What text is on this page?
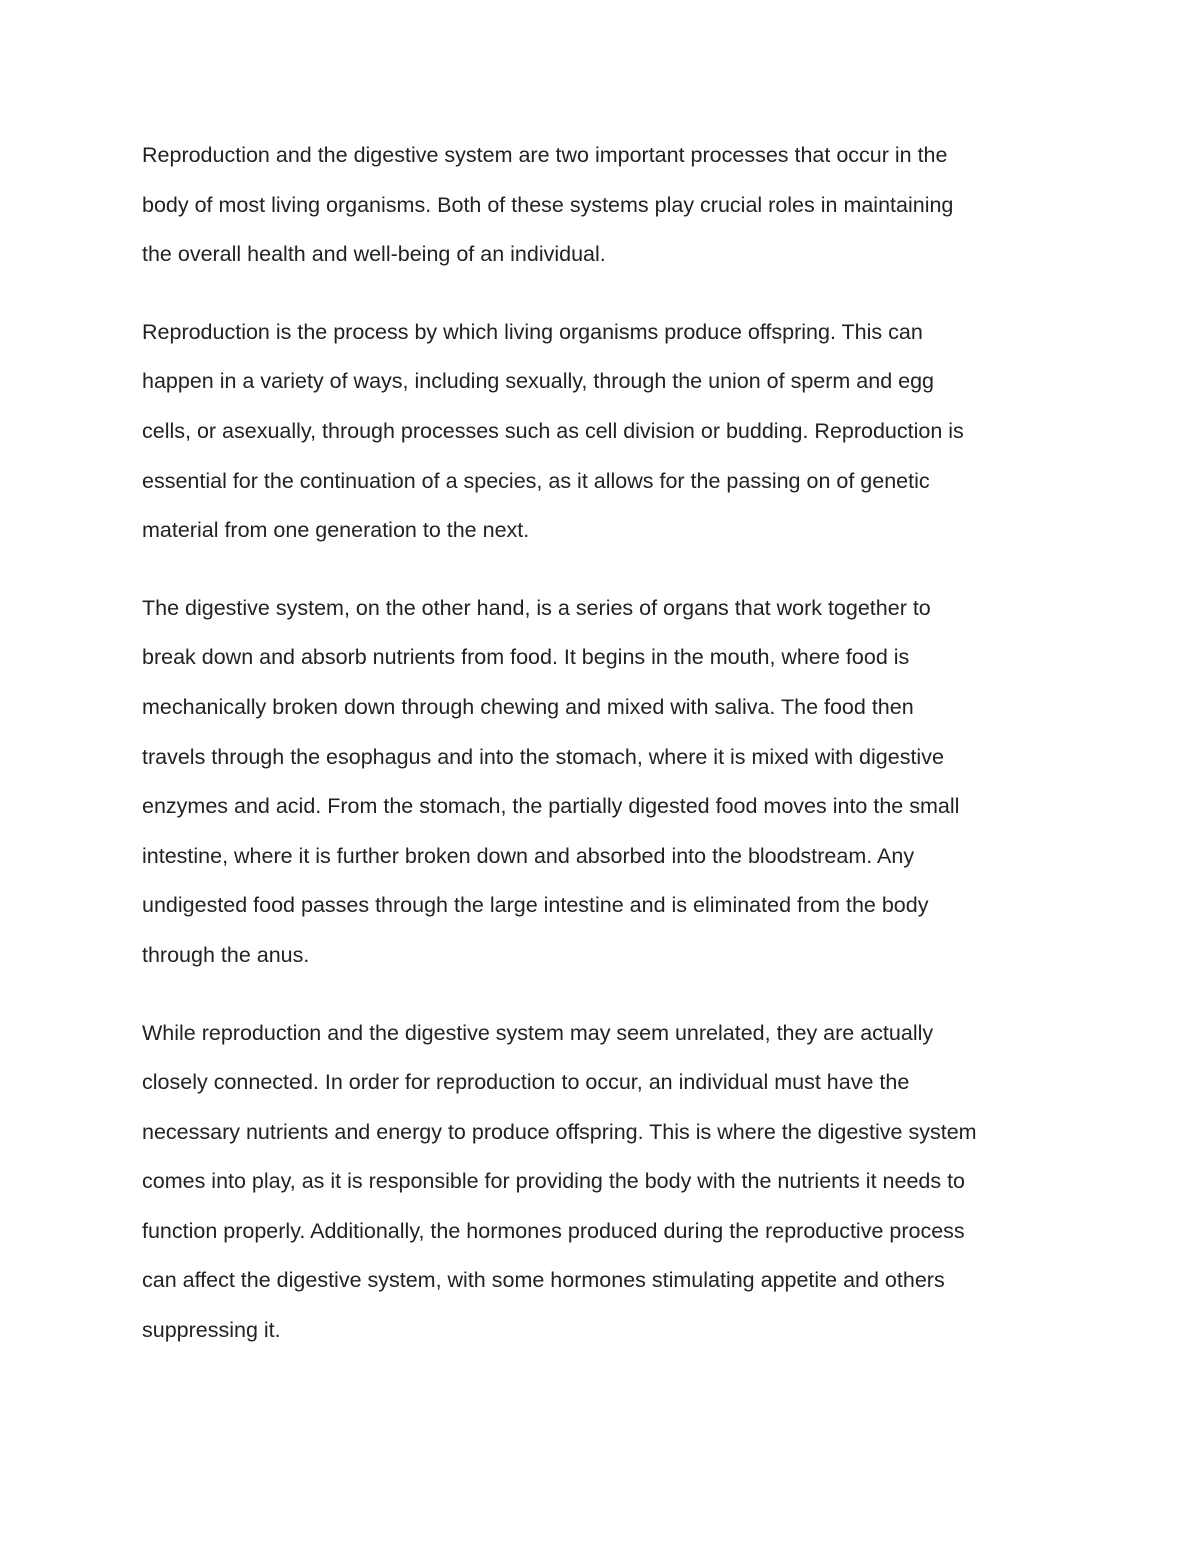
Reproduction and the digestive system are two important processes that occur in the
body of most living organisms. Both of these systems play crucial roles in maintaining
the overall health and well-being of an individual.
Reproduction is the process by which living organisms produce offspring. This can
happen in a variety of ways, including sexually, through the union of sperm and egg
cells, or asexually, through processes such as cell division or budding. Reproduction is
essential for the continuation of a species, as it allows for the passing on of genetic
material from one generation to the next.
The digestive system, on the other hand, is a series of organs that work together to
break down and absorb nutrients from food. It begins in the mouth, where food is
mechanically broken down through chewing and mixed with saliva. The food then
travels through the esophagus and into the stomach, where it is mixed with digestive
enzymes and acid. From the stomach, the partially digested food moves into the small
intestine, where it is further broken down and absorbed into the bloodstream. Any
undigested food passes through the large intestine and is eliminated from the body
through the anus.
While reproduction and the digestive system may seem unrelated, they are actually
closely connected. In order for reproduction to occur, an individual must have the
necessary nutrients and energy to produce offspring. This is where the digestive system
comes into play, as it is responsible for providing the body with the nutrients it needs to
function properly. Additionally, the hormones produced during the reproductive process
can affect the digestive system, with some hormones stimulating appetite and others
suppressing it.
